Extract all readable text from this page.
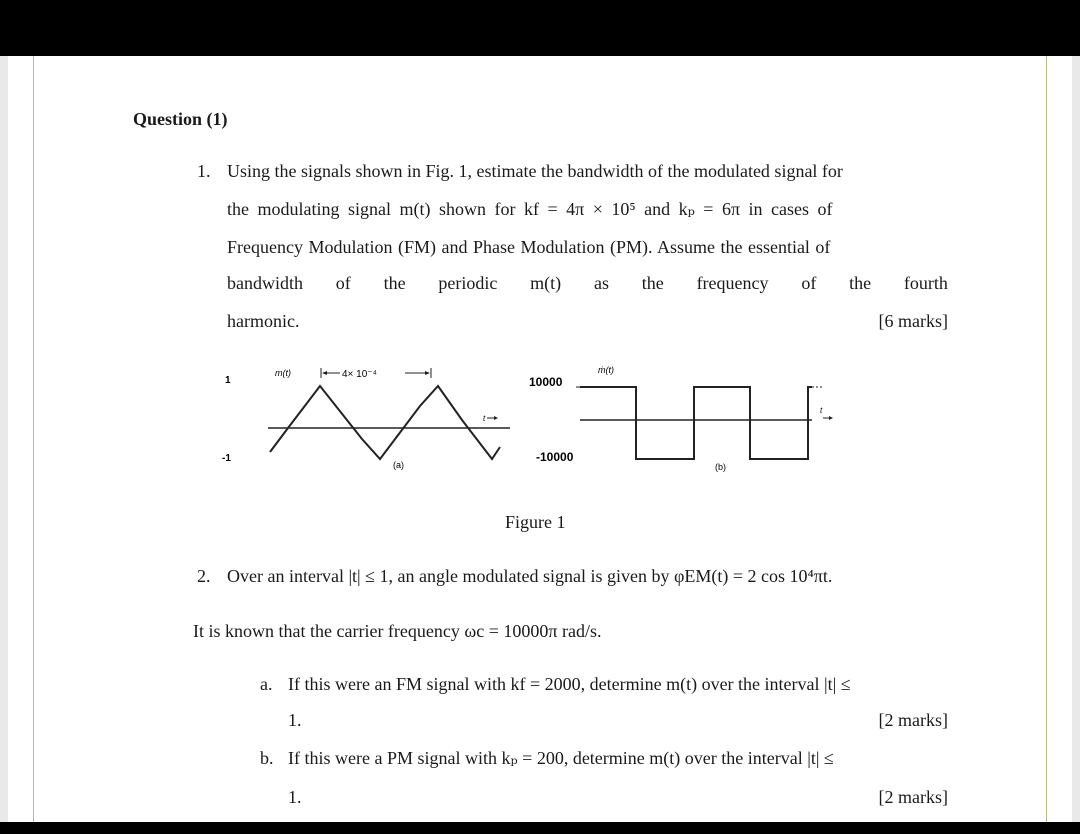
Question (1)
1. Using the signals shown in Fig. 1, estimate the bandwidth of the modulated signal for
the modulating signal m(t) shown for kf = 4π × 10⁵ and kₚ = 6π in cases of
Frequency Modulation (FM) and Phase Modulation (PM). Assume the essential of
bandwidth of the periodic m(t) as the frequency of the fourth
harmonic.	[6 marks]
1
-1
m(t)	4× 10⁻⁴
t
(a)
10000
-10000
ṁ(t)
t
(b)
Figure 1
2. Over an interval |t| ≤ 1, an angle modulated signal is given by φEM(t) = 2 cos 10⁴πt.
It is known that the carrier frequency ωc = 10000π rad/s.
a. If this were an FM signal with kf = 2000, determine m(t) over the interval |t| ≤
1.	[2 marks]
b. If this were a PM signal with kₚ = 200, determine m(t) over the interval |t| ≤
1.	[2 marks]
